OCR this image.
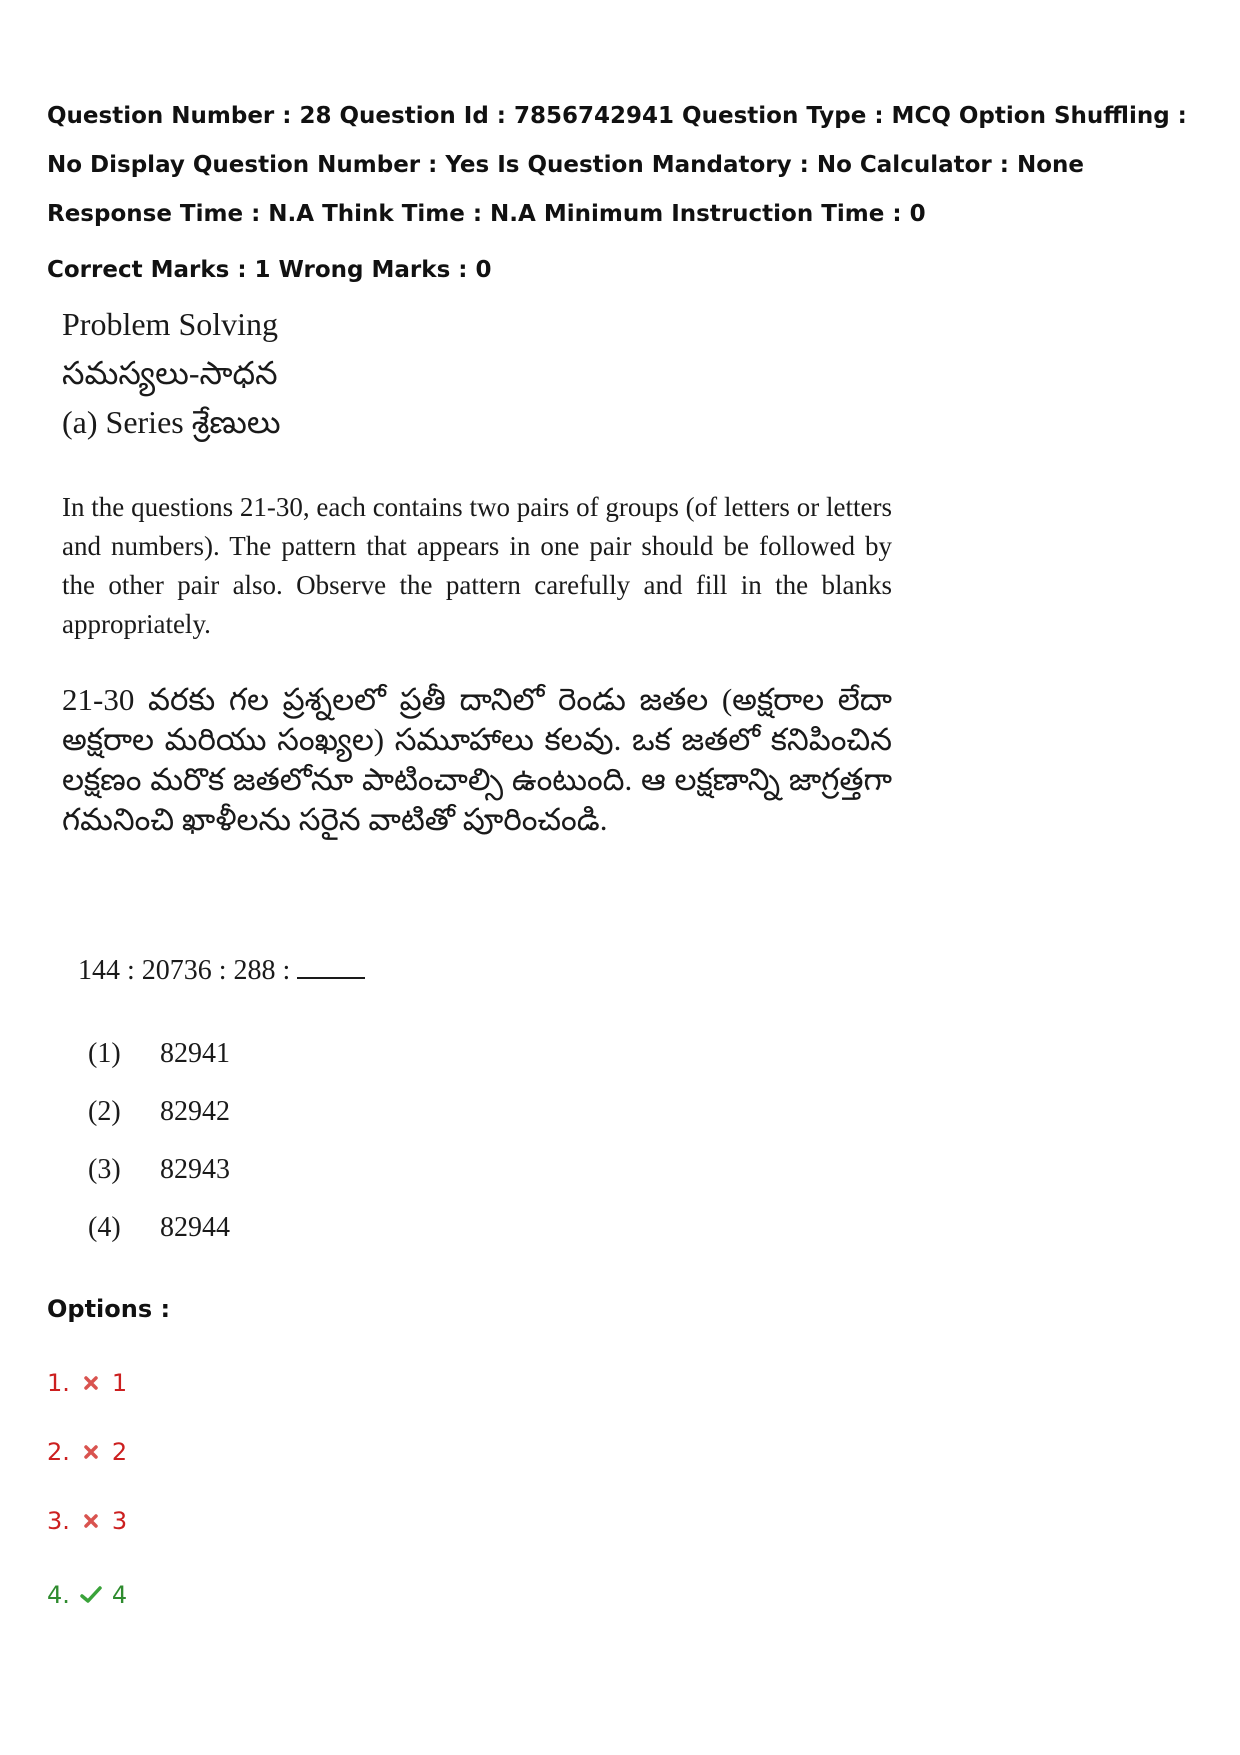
Question Number : 28 Question Id : 7856742941 Question Type : MCQ Option Shuffling : No Display Question Number : Yes Is Question Mandatory : No Calculator : None Response Time : N.A Think Time : N.A Minimum Instruction Time : 0

Correct Marks : 1 Wrong Marks : 0
Problem Solving
సమస్యలు-సాధన
(a) Series శ్రేణులు
In the questions 21-30, each contains two pairs of groups (of letters or letters and numbers). The pattern that appears in one pair should be followed by the other pair also. Observe the pattern carefully and fill in the blanks appropriately.
21-30 వరకు గల ప్రశ్నలలో ప్రతీ దానిలో రెండు జతల (అక్షరాల లేదా అక్షరాల మరియు సంఖ్యల) సమూహాలు కలవు. ఒక జతలో కనిపించిన లక్షణం మరొక జతలోనూ పాటించాల్సి ఉంటుంది. ఆ లక్షణాన్ని జాగ్రత్తగా గమనించి ఖాళీలను సరైన వాటితో పూరించండి.
144 : 20736 : 288 :
(1)	82941
(2)	82942
(3)	82943
(4)	82944
Options :
1. 1
2. 2
3. 3
4. 4
